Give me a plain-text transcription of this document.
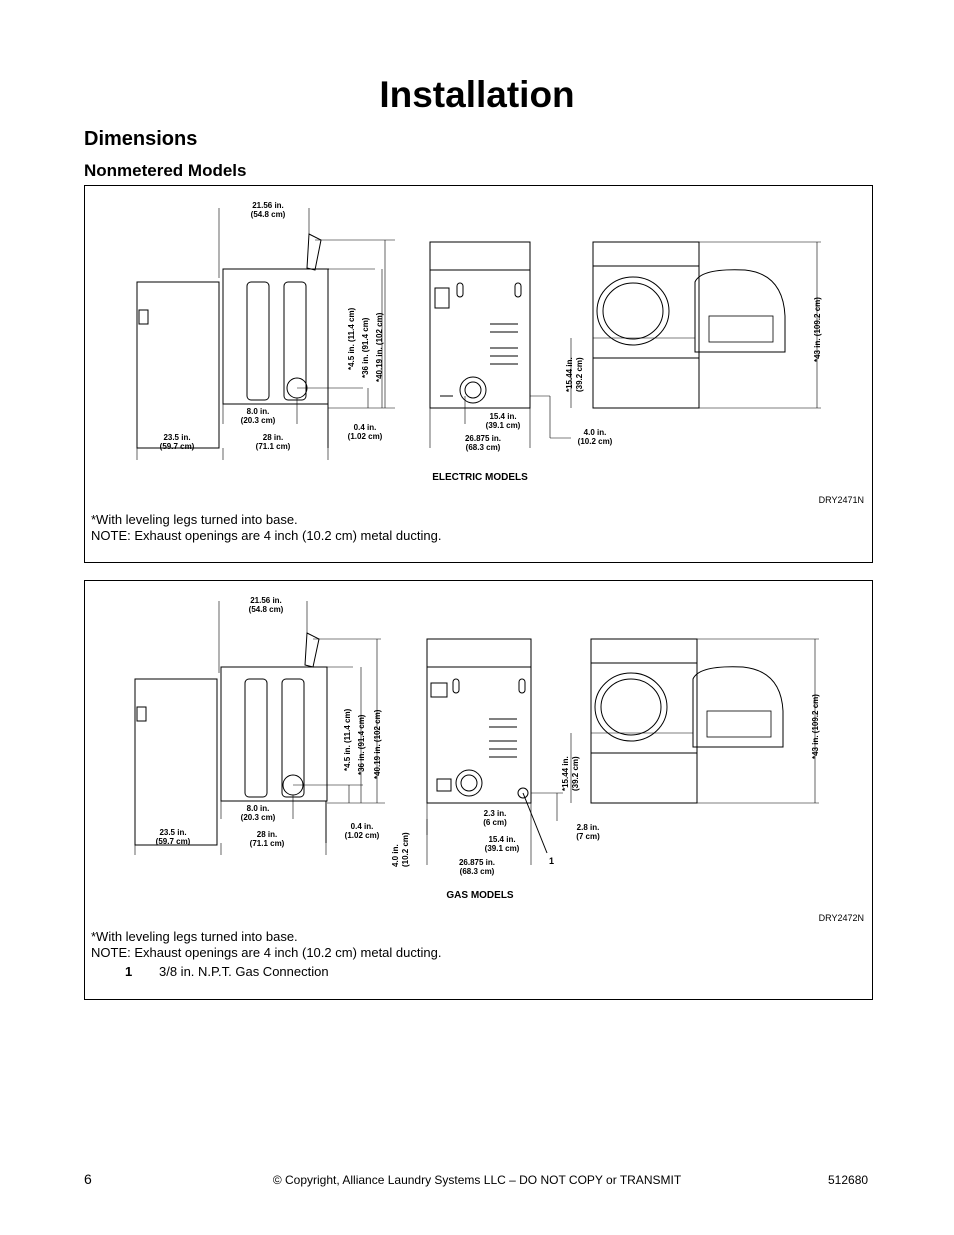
Installation
Dimensions
Nonmetered Models
21.56 in.
(54.8 cm)
23.5 in.
(59.7 cm)
8.0 in.
(20.3 cm)
28 in.
(71.1 cm)
0.4 in.
(1.02 cm)
*4.5 in. (11.4 cm) *36 in. (91.4 cm) *40.19 in. (102 cm)
15.4 in.
(39.1 cm)
26.875 in.
(68.3 cm)
4.0 in.
(10.2 cm)
*15.44 in. (39.2 cm)
*43 in. (109.2 cm)
ELECTRIC MODELS
DRY2471N
*With leveling legs turned into base.
NOTE: Exhaust openings are 4 inch (10.2 cm) metal ducting.
21.56 in.
(54.8 cm)
23.5 in.
(59.7 cm)
8.0 in.
(20.3 cm)
28 in.
(71.1 cm)
0.4 in.
(1.02 cm)
4.0 in. (10.2 cm)
*4.5 in. (11.4 cm) *36 in. (91.4 cm) *40.19 in. (102 cm)
2.3 in.
(6 cm)
15.4 in.
(39.1 cm)
26.875 in.
(68.3 cm)
2.8 in.
(7 cm)
*15.44 in. (39.2 cm)
*43 in. (109.2 cm)
1
GAS MODELS
DRY2472N
*With leveling legs turned into base.
NOTE: Exhaust openings are 4 inch (10.2 cm) metal ducting.
1 3/8 in. N.P.T. Gas Connection
6	© Copyright, Alliance Laundry Systems LLC – DO NOT COPY or TRANSMIT	512680
